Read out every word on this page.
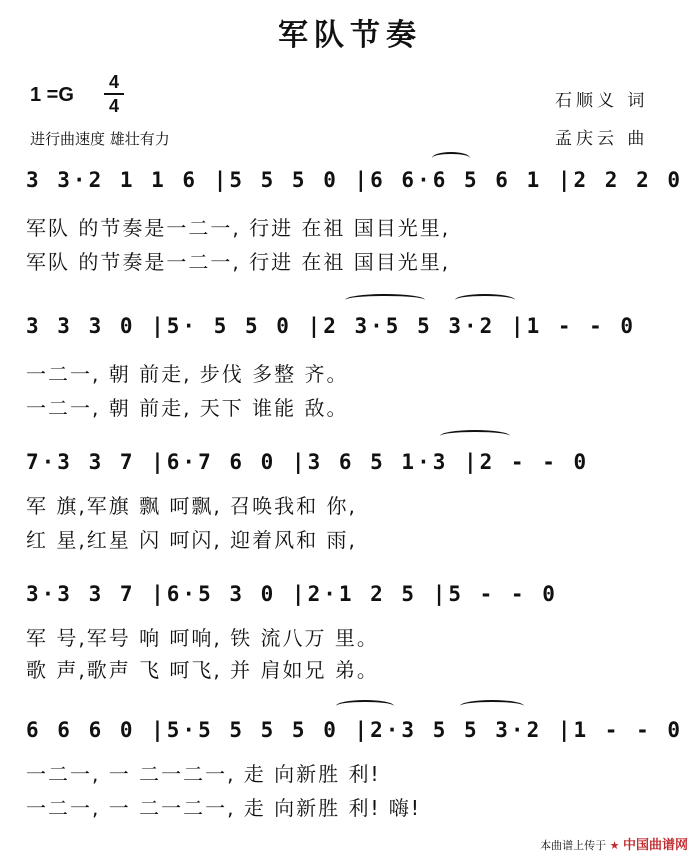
军队节奏
1 =G
4
4
进行曲速度 雄壮有力
石顺义 词
孟庆云 曲
3 3·2 1 1 6 |5 5 5 0 |6 6·6 5 6 1 |2 2 2 0
军队 的节奏是一二一, 行进 在祖 国目光里,
军队 的节奏是一二一, 行进 在祖 国目光里,
3 3 3 0 |5· 5 5 0 |2 3·5 5 3·2 |1 - - 0
一二一, 朝 前走, 步伐 多整 齐。
一二一, 朝 前走, 天下 谁能 敌。
7·3 3 7 |6·7 6 0 |3 6 5 1·3 |2 - - 0
军 旗,军旗 飘 呵飘, 召唤我和 你,
红 星,红星 闪 呵闪, 迎着风和 雨,
3·3 3 7 |6·5 3 0 |2·1 2 5 |5 - - 0
军 号,军号 响 呵响, 铁 流八万 里。
歌 声,歌声 飞 呵飞, 并 肩如兄 弟。
6 6 6 0 |5·5 5 5 5 0 |2·3 5 5 3·2 |1 - - 0
一二一, 一 二一二一, 走 向新胜 利!
一二一, 一 二一二一, 走 向新胜 利! 嗨!
本曲谱上传于 ★ 中国曲谱网
